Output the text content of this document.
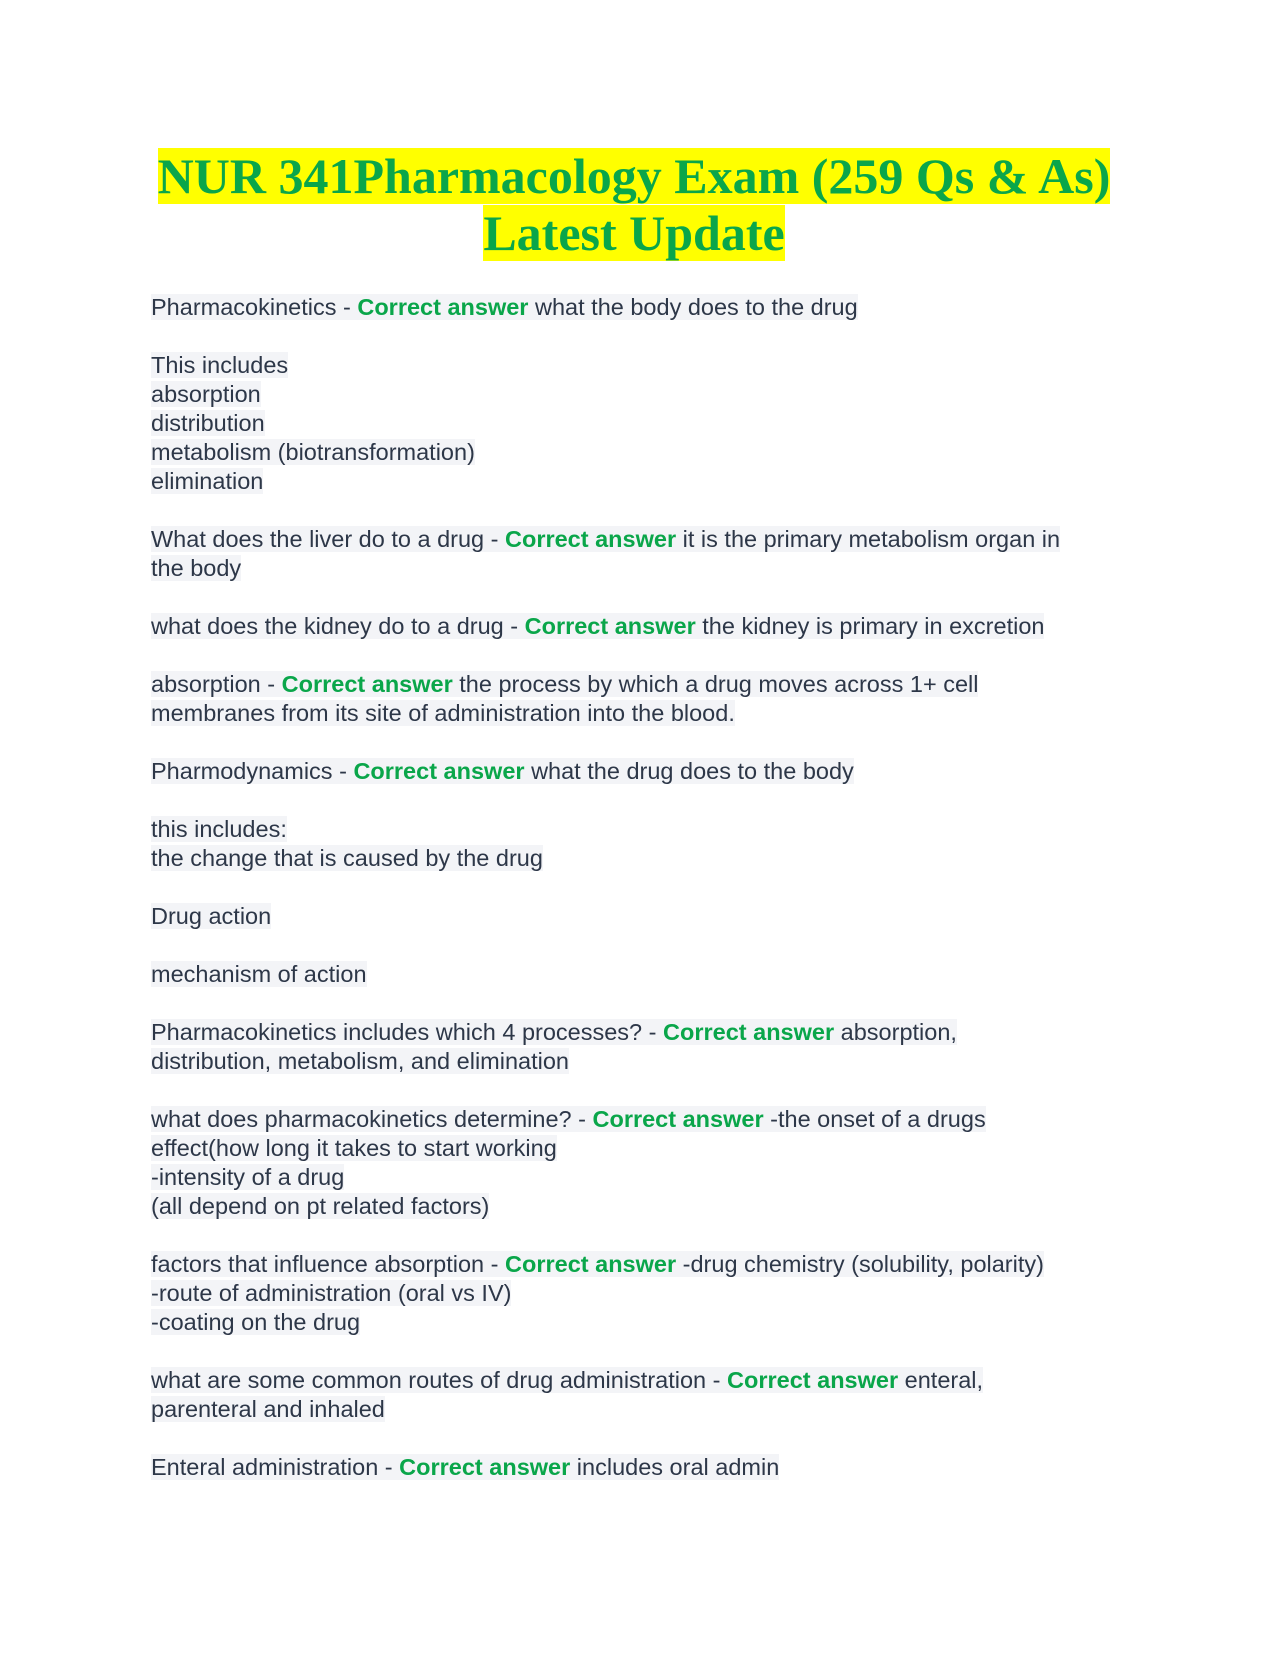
NUR 341Pharmacology Exam (259 Qs & As)
Latest Update
Pharmacokinetics - Correct answer what the body does to the drug
This includes
absorption
distribution
metabolism (biotransformation)
elimination
What does the liver do to a drug - Correct answer it is the primary metabolism organ in
the body
what does the kidney do to a drug - Correct answer the kidney is primary in excretion
absorption - Correct answer the process by which a drug moves across 1+ cell
membranes from its site of administration into the blood.
Pharmodynamics - Correct answer what the drug does to the body
this includes:
the change that is caused by the drug
Drug action
mechanism of action
Pharmacokinetics includes which 4 processes? - Correct answer absorption,
distribution, metabolism, and elimination
what does pharmacokinetics determine? - Correct answer -the onset of a drugs
effect(how long it takes to start working
-intensity of a drug
(all depend on pt related factors)
factors that influence absorption - Correct answer -drug chemistry (solubility, polarity)
-route of administration (oral vs IV)
-coating on the drug
what are some common routes of drug administration - Correct answer enteral,
parenteral and inhaled
Enteral administration - Correct answer includes oral admin
